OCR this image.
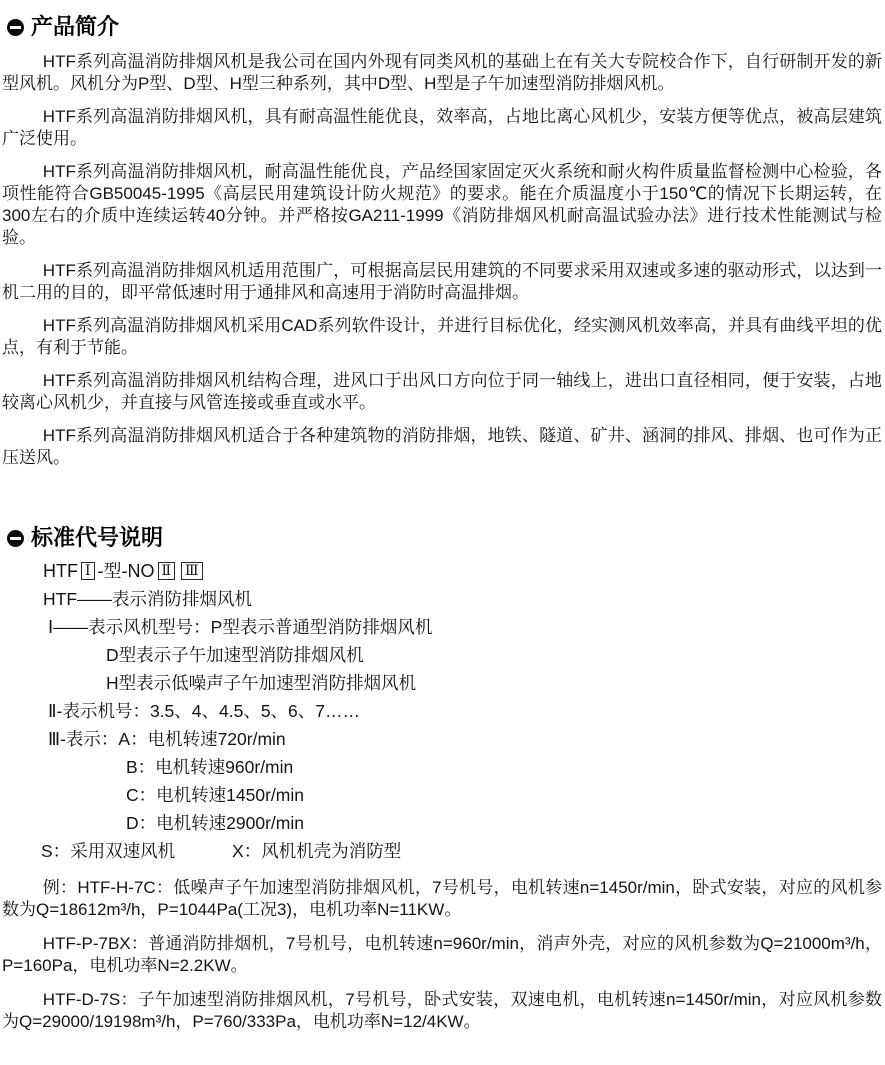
产品简介

HTF系列高温消防排烟风机是我公司在国内外现有同类风机的基础上在有关大专院校合作下，自行研制开发的新型风机。风机分为P型、D型、H型三种系列，其中D型、H型是子午加速型消防排烟风机。

HTF系列高温消防排烟风机，具有耐高温性能优良，效率高，占地比离心风机少，安装方便等优点，被高层建筑广泛使用。

HTF系列高温消防排烟风机，耐高温性能优良，产品经国家固定灭火系统和耐火构件质量监督检测中心检验，各项性能符合GB50045-1995《高层民用建筑设计防火规范》的要求。能在介质温度小于150℃的情况下长期运转，在300左右的介质中连续运转40分钟。并严格按GA211-1999《消防排烟风机耐高温试验办法》进行技术性能测试与检验。

HTF系列高温消防排烟风机适用范围广，可根据高层民用建筑的不同要求采用双速或多速的驱动形式，以达到一机二用的目的，即平常低速时用于通排风和高速用于消防时高温排烟。

HTF系列高温消防排烟风机采用CAD系列软件设计，并进行目标优化，经实测风机效率高，并具有曲线平坦的优点，有利于节能。

HTF系列高温消防排烟风机结构合理，进风口于出风口方向位于同一轴线上，进出口直径相同，便于安装，占地较离心风机少，并直接与风管连接或垂直或水平。

HTF系列高温消防排烟风机适合于各种建筑物的消防排烟，地铁、隧道、矿井、涵洞的排风、排烟、也可作为正压送风。

标准代号说明
HTF Ⅰ -型-NO Ⅱ Ⅲ
HTF——表示消防排烟风机
Ⅰ——表示风机型号：P型表示普通型消防排烟风机
D型表示子午加速型消防排烟风机
H型表示低噪声子午加速型消防排烟风机
Ⅱ-表示机号：3.5、4、4.5、5、6、7……
Ⅲ-表示：A：电机转速720r/min
B：电机转速960r/min
C：电机转速1450r/min
D：电机转速2900r/min
S：采用双速风机	X：风机机壳为消防型

例：HTF-H-7C：低噪声子午加速型消防排烟风机，7号机号，电机转速n=1450r/min，卧式安装，对应的风机参数为Q=18612m³/h，P=1044Pa(工况3)，电机功率N=11KW。

HTF-P-7BX：普通消防排烟机，7号机号，电机转速n=960r/min，消声外壳，对应的风机参数为Q=21000m³/h，P=160Pa，电机功率N=2.2KW。

HTF-D-7S：子午加速型消防排烟风机，7号机号，卧式安装，双速电机，电机转速n=1450r/min，对应风机参数为Q=29000/19198m³/h，P=760/333Pa，电机功率N=12/4KW。
